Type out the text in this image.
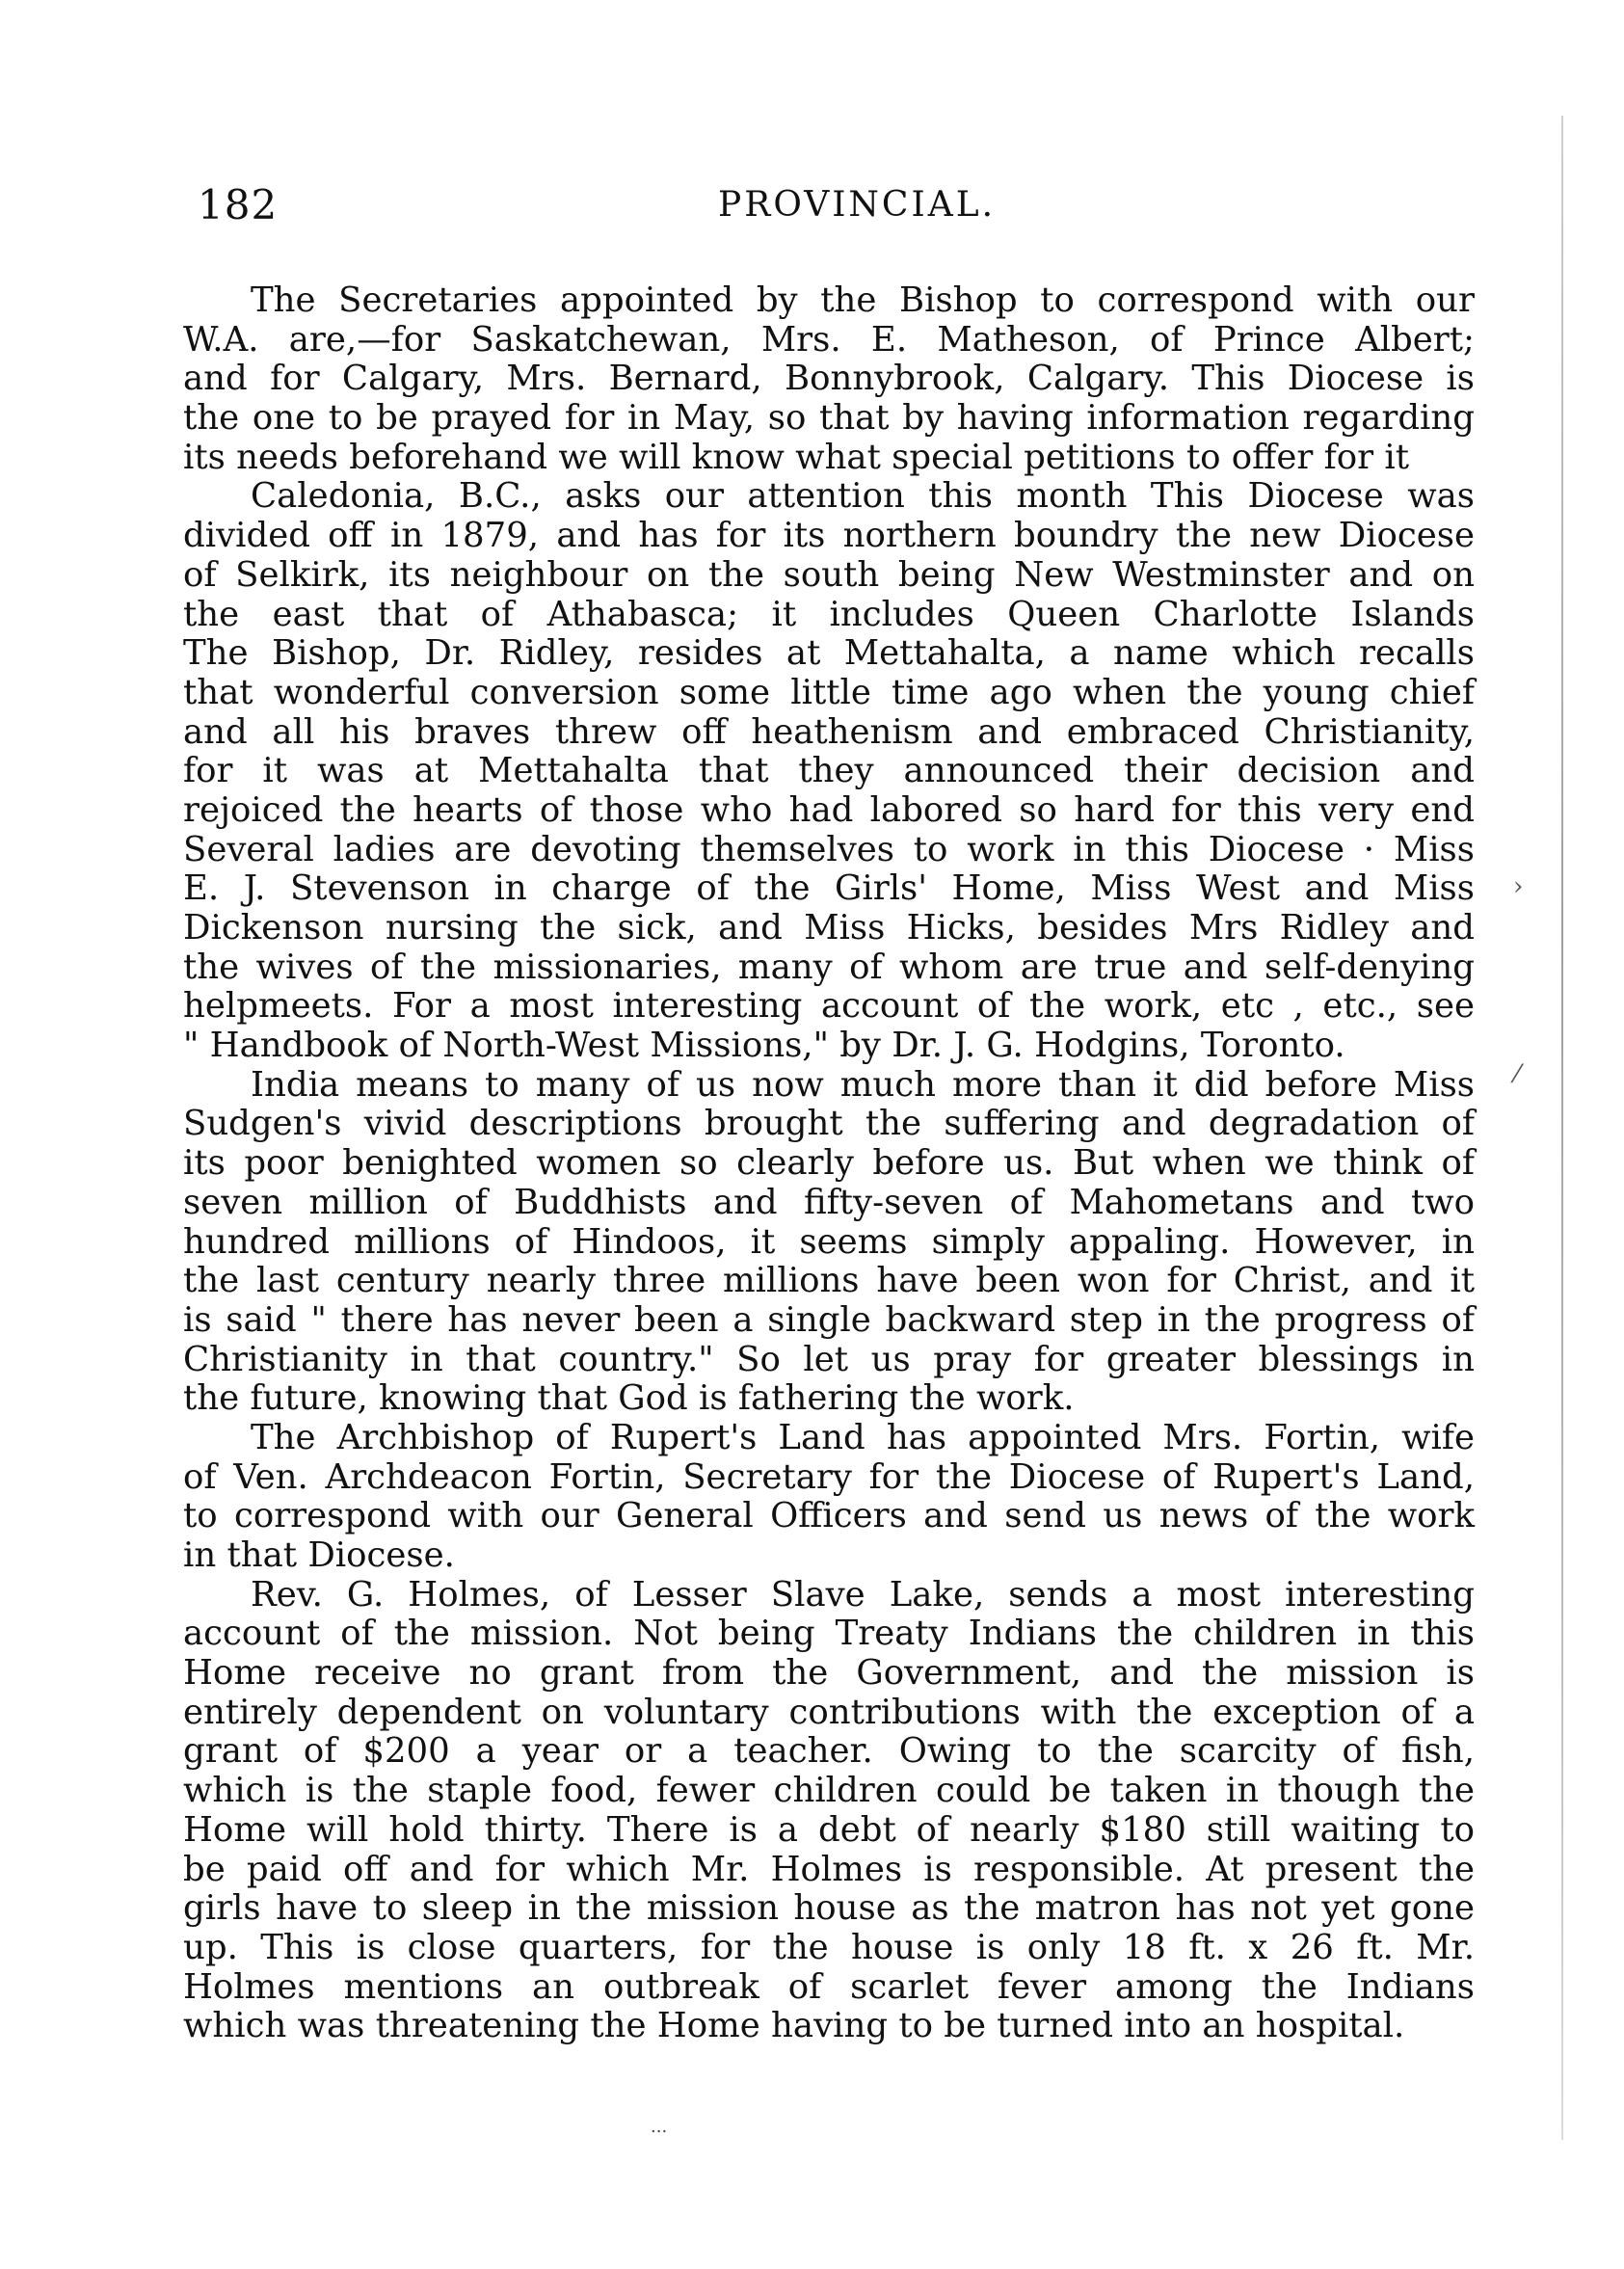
182	PROVINCIAL.
The Secretaries appointed by the Bishop to correspond with our
W.A. are,—for Saskatchewan, Mrs. E. Matheson, of Prince Albert;
and for Calgary, Mrs. Bernard, Bonnybrook, Calgary. This Diocese is
the one to be prayed for in May, so that by having information regarding
its needs beforehand we will know what special petitions to offer for it
Caledonia, B.C., asks our attention this month This Diocese was
divided off in 1879, and has for its northern boundry the new Diocese
of Selkirk, its neighbour on the south being New Westminster and on
the east that of Athabasca; it includes Queen Charlotte Islands
The Bishop, Dr. Ridley, resides at Mettahalta, a name which recalls
that wonderful conversion some little time ago when the young chief
and all his braves threw off heathenism and embraced Christianity,
for it was at Mettahalta that they announced their decision and
rejoiced the hearts of those who had labored so hard for this very end
Several ladies are devoting themselves to work in this Diocese · Miss
E. J. Stevenson in charge of the Girls' Home, Miss West and Miss
Dickenson nursing the sick, and Miss Hicks, besides Mrs Ridley and
the wives of the missionaries, many of whom are true and self-denying
helpmeets. For a most interesting account of the work, etc , etc., see
" Handbook of North-West Missions," by Dr. J. G. Hodgins, Toronto.
India means to many of us now much more than it did before Miss
Sudgen's vivid descriptions brought the suffering and degradation of
its poor benighted women so clearly before us. But when we think of
seven million of Buddhists and fifty-seven of Mahometans and two
hundred millions of Hindoos, it seems simply appaling. However, in
the last century nearly three millions have been won for Christ, and it
is said " there has never been a single backward step in the progress of
Christianity in that country." So let us pray for greater blessings in
the future, knowing that God is fathering the work.
The Archbishop of Rupert's Land has appointed Mrs. Fortin, wife
of Ven. Archdeacon Fortin, Secretary for the Diocese of Rupert's Land,
to correspond with our General Officers and send us news of the work
in that Diocese.
Rev. G. Holmes, of Lesser Slave Lake, sends a most interesting
account of the mission. Not being Treaty Indians the children in this
Home receive no grant from the Government, and the mission is
entirely dependent on voluntary contributions with the exception of a
grant of $200 a year or a teacher. Owing to the scarcity of fish,
which is the staple food, fewer children could be taken in though the
Home will hold thirty. There is a debt of nearly $180 still waiting to
be paid off and for which Mr. Holmes is responsible. At present the
girls have to sleep in the mission house as the matron has not yet gone
up. This is close quarters, for the house is only 18 ft. x 26 ft. Mr.
Holmes mentions an outbreak of scarlet fever among the Indians
which was threatening the Home having to be turned into an hospital.
›
⁄
...
